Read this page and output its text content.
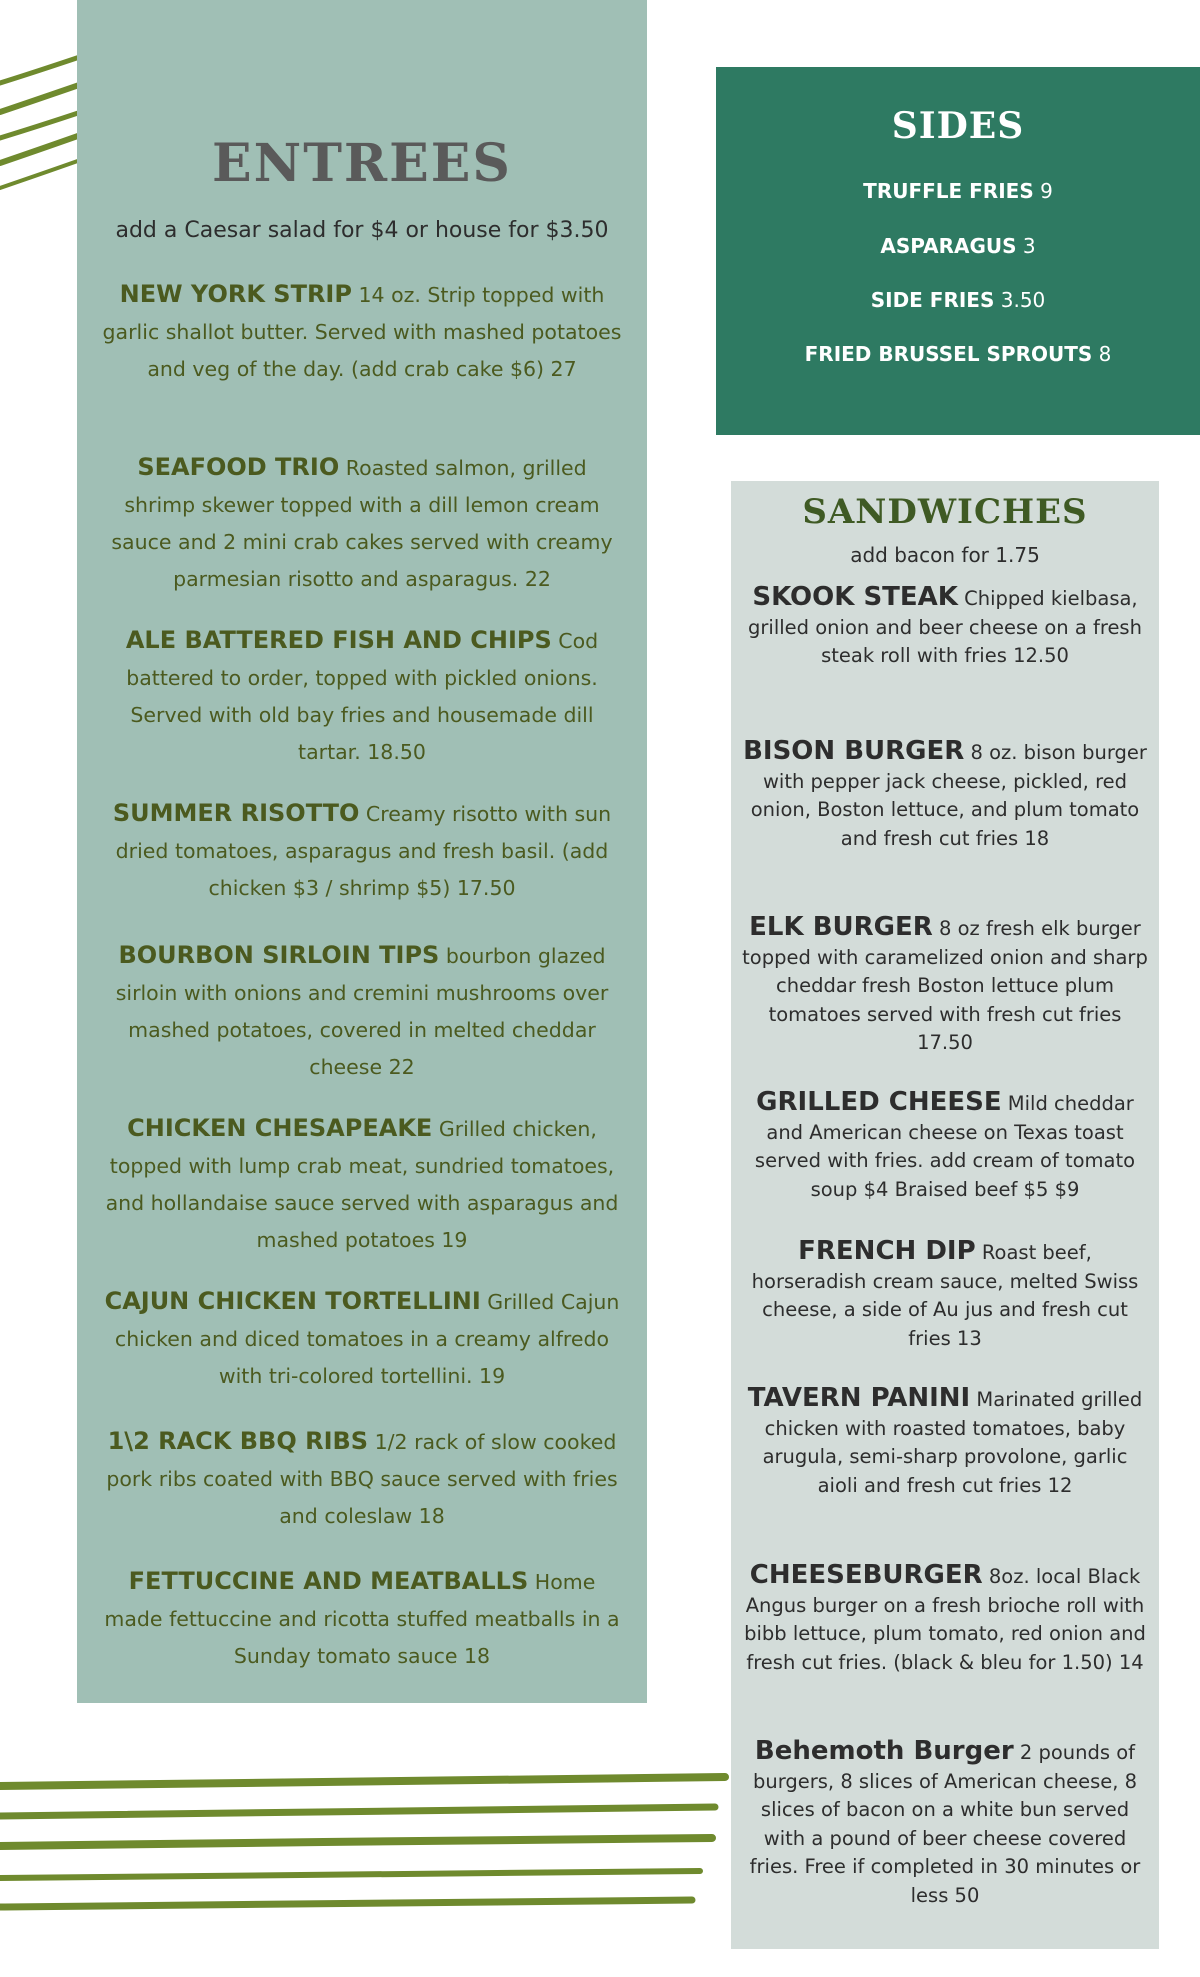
ENTREES
add a Caesar salad for $4 or house for $3.50

NEW YORK STRIP 14 oz. Strip topped with garlic shallot butter. Served with mashed potatoes and veg of the day. (add crab cake $6) 27

SEAFOOD TRIO Roasted salmon, grilled shrimp skewer topped with a dill lemon cream sauce and 2 mini crab cakes served with creamy parmesian risotto and asparagus. 22

ALE BATTERED FISH AND CHIPS Cod battered to order, topped with pickled onions. Served with old bay fries and housemade dill tartar. 18.50

SUMMER RISOTTO Creamy risotto with sun dried tomatoes, asparagus and fresh basil. (add chicken $3 / shrimp $5) 17.50

BOURBON SIRLOIN TIPS bourbon glazed sirloin with onions and cremini mushrooms over mashed potatoes, covered in melted cheddar cheese 22

CHICKEN CHESAPEAKE Grilled chicken, topped with lump crab meat, sundried tomatoes, and hollandaise sauce served with asparagus and mashed potatoes 19

CAJUN CHICKEN TORTELLINI Grilled Cajun chicken and diced tomatoes in a creamy alfredo with tri-colored tortellini. 19

1\2 RACK BBQ RIBS 1/2 rack of slow cooked pork ribs coated with BBQ sauce served with fries and coleslaw 18

FETTUCCINE AND MEATBALLS Home made fettuccine and ricotta stuffed meatballs in a Sunday tomato sauce 18

SIDES

TRUFFLE FRIES 9

ASPARAGUS 3

SIDE FRIES 3.50

FRIED BRUSSEL SPROUTS 8

SANDWICHES
add bacon for 1.75

SKOOK STEAK Chipped kielbasa, grilled onion and beer cheese on a fresh steak roll with fries 12.50

BISON BURGER 8 oz. bison burger with pepper jack cheese, pickled, red onion, Boston lettuce, and plum tomato and fresh cut fries 18

ELK BURGER 8 oz fresh elk burger topped with caramelized onion and sharp cheddar fresh Boston lettuce plum tomatoes served with fresh cut fries 17.50

GRILLED CHEESE Mild cheddar and American cheese on Texas toast served with fries. add cream of tomato soup $4 Braised beef $5 $9

FRENCH DIP Roast beef, horseradish cream sauce, melted Swiss cheese, a side of Au jus and fresh cut fries 13

TAVERN PANINI Marinated grilled chicken with roasted tomatoes, baby arugula, semi-sharp provolone, garlic aioli and fresh cut fries 12

CHEESEBURGER 8oz. local Black Angus burger on a fresh brioche roll with bibb lettuce, plum tomato, red onion and fresh cut fries. (black & bleu for 1.50) 14

Behemoth Burger 2 pounds of burgers, 8 slices of American cheese, 8 slices of bacon on a white bun served with a pound of beer cheese covered fries. Free if completed in 30 minutes or less 50
